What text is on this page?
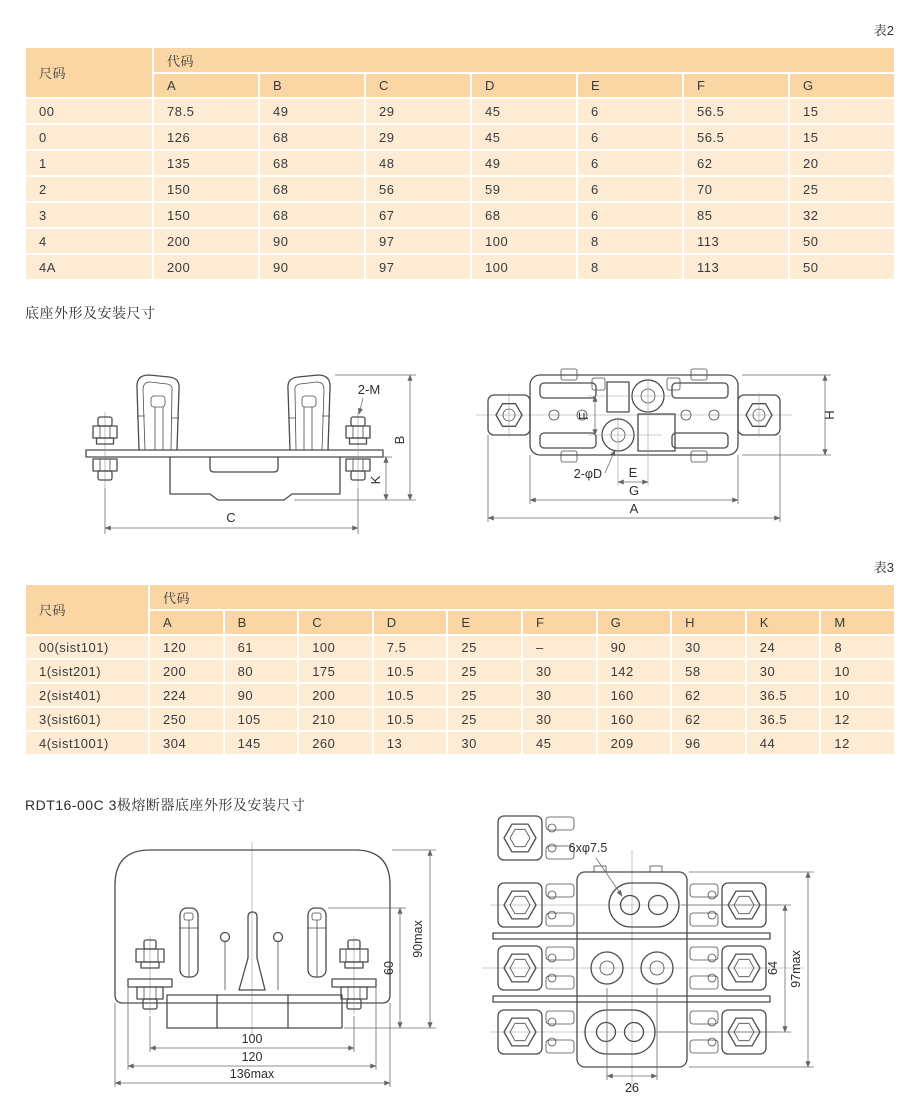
表2
尺码	代码						
	A	B	C	D	E	F	G
00	78.5	49	29	45	6	56.5	15
0	126	68	29	45	6	56.5	15
1	135	68	48	49	6	62	20
2	150	68	56	59	6	70	25
3	150	68	67	68	6	85	32
4	200	90	97	100	8	113	50
4A	200	90	97	100	8	113	50
底座外形及安装尺寸
C
B
K
2-M
F
2-φD E
G
A
H
表3
尺码	代码									
	A	B	C	D	E	F	G	H	K	M
00(sist101)	120	61	100	7.5	25	–	90	30	24	8
1(sist201)	200	80	175	10.5	25	30	142	58	30	10
2(sist401)	224	90	200	10.5	25	30	160	62	36.5	10
3(sist601)	250	105	210	10.5	25	30	160	62	36.5	12
4(sist1001)	304	145	260	13	30	45	209	96	44	12
RDT16-00C 3极熔断器底座外形及安装尺寸
60
90max
100
120
136max
6xφ7.5
64 97max
26
